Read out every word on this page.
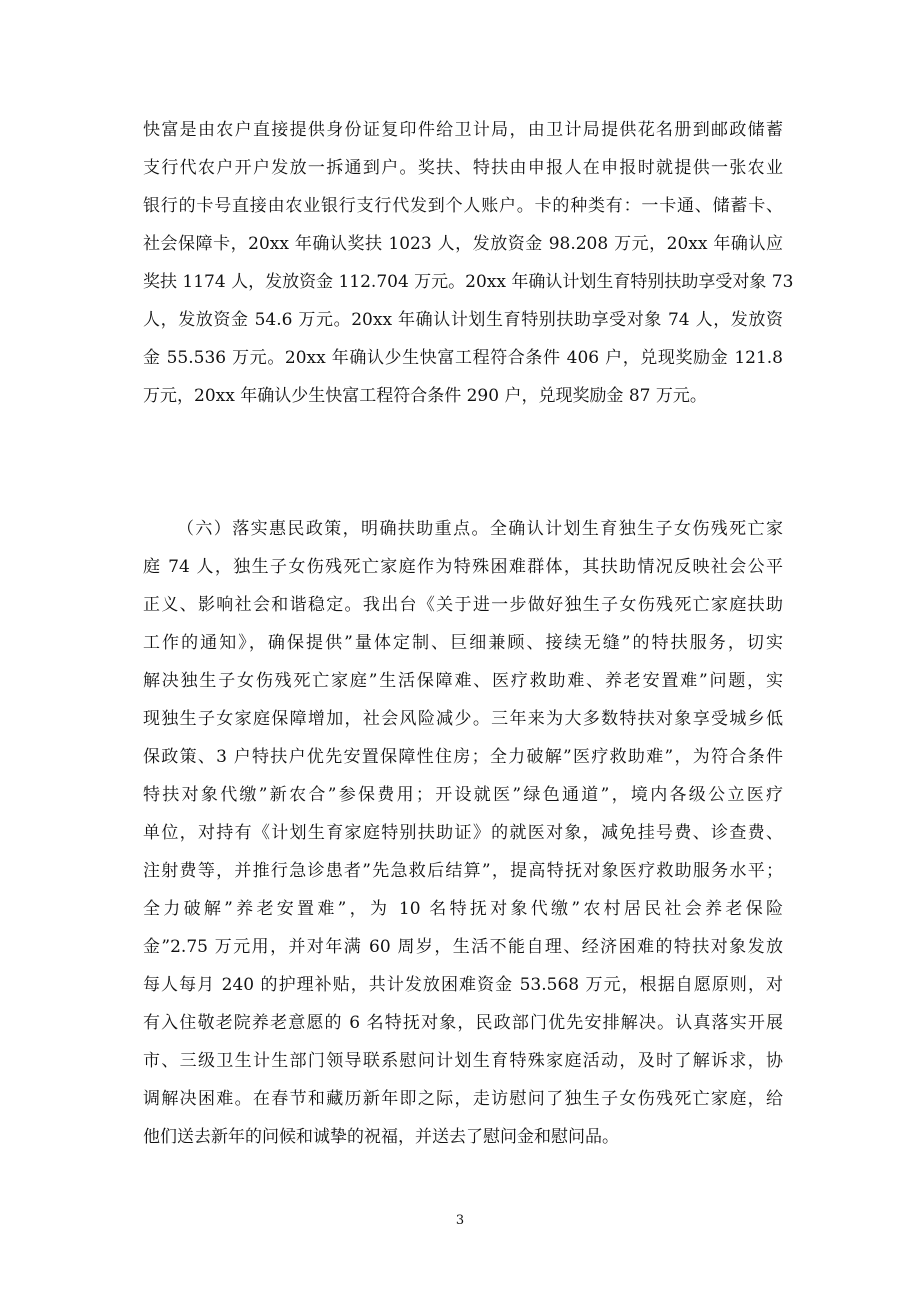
快富是由农户直接提供身份证复印件给卫计局，由卫计局提供花名册到邮政储蓄
支行代农户开户发放一拆通到户。奖扶、特扶由申报人在申报时就提供一张农业
银行的卡号直接由农业银行支行代发到个人账户。卡的种类有：一卡通、储蓄卡、
社会保障卡，20xx 年确认奖扶 1023 人，发放资金 98.208 万元，20xx 年确认应
奖扶 1174 人，发放资金 112.704 万元。20xx 年确认计划生育特别扶助享受对象 73
人，发放资金 54.6 万元。20xx 年确认计划生育特别扶助享受对象 74 人，发放资
金 55.536 万元。20xx 年确认少生快富工程符合条件 406 户，兑现奖励金 121.8
万元，20xx 年确认少生快富工程符合条件 290 户，兑现奖励金 87 万元。
（六）落实惠民政策，明确扶助重点。全确认计划生育独生子女伤残死亡家
庭 74 人，独生子女伤残死亡家庭作为特殊困难群体，其扶助情况反映社会公平
正义、影响社会和谐稳定。我出台《关于进一步做好独生子女伤残死亡家庭扶助
工作的通知》，确保提供”量体定制、巨细兼顾、接续无缝”的特扶服务，切实
解决独生子女伤残死亡家庭”生活保障难、医疗救助难、养老安置难”问题，实
现独生子女家庭保障增加，社会风险减少。三年来为大多数特扶对象享受城乡低
保政策、3 户特扶户优先安置保障性住房；全力破解”医疗救助难”，为符合条件
特扶对象代缴”新农合”参保费用；开设就医”绿色通道”，境内各级公立医疗
单位，对持有《计划生育家庭特别扶助证》的就医对象，减免挂号费、诊查费、
注射费等，并推行急诊患者”先急救后结算”，提高特抚对象医疗救助服务水平；
全力破解”养老安置难”，为 10 名特抚对象代缴”农村居民社会养老保险
金”2.75 万元用，并对年满 60 周岁，生活不能自理、经济困难的特扶对象发放
每人每月 240 的护理补贴，共计发放困难资金 53.568 万元，根据自愿原则，对
有入住敬老院养老意愿的 6 名特抚对象，民政部门优先安排解决。认真落实开展
市、三级卫生计生部门领导联系慰问计划生育特殊家庭活动，及时了解诉求，协
调解决困难。在春节和藏历新年即之际，走访慰问了独生子女伤残死亡家庭，给
他们送去新年的问候和诚挚的祝福，并送去了慰问金和慰问品。
3
